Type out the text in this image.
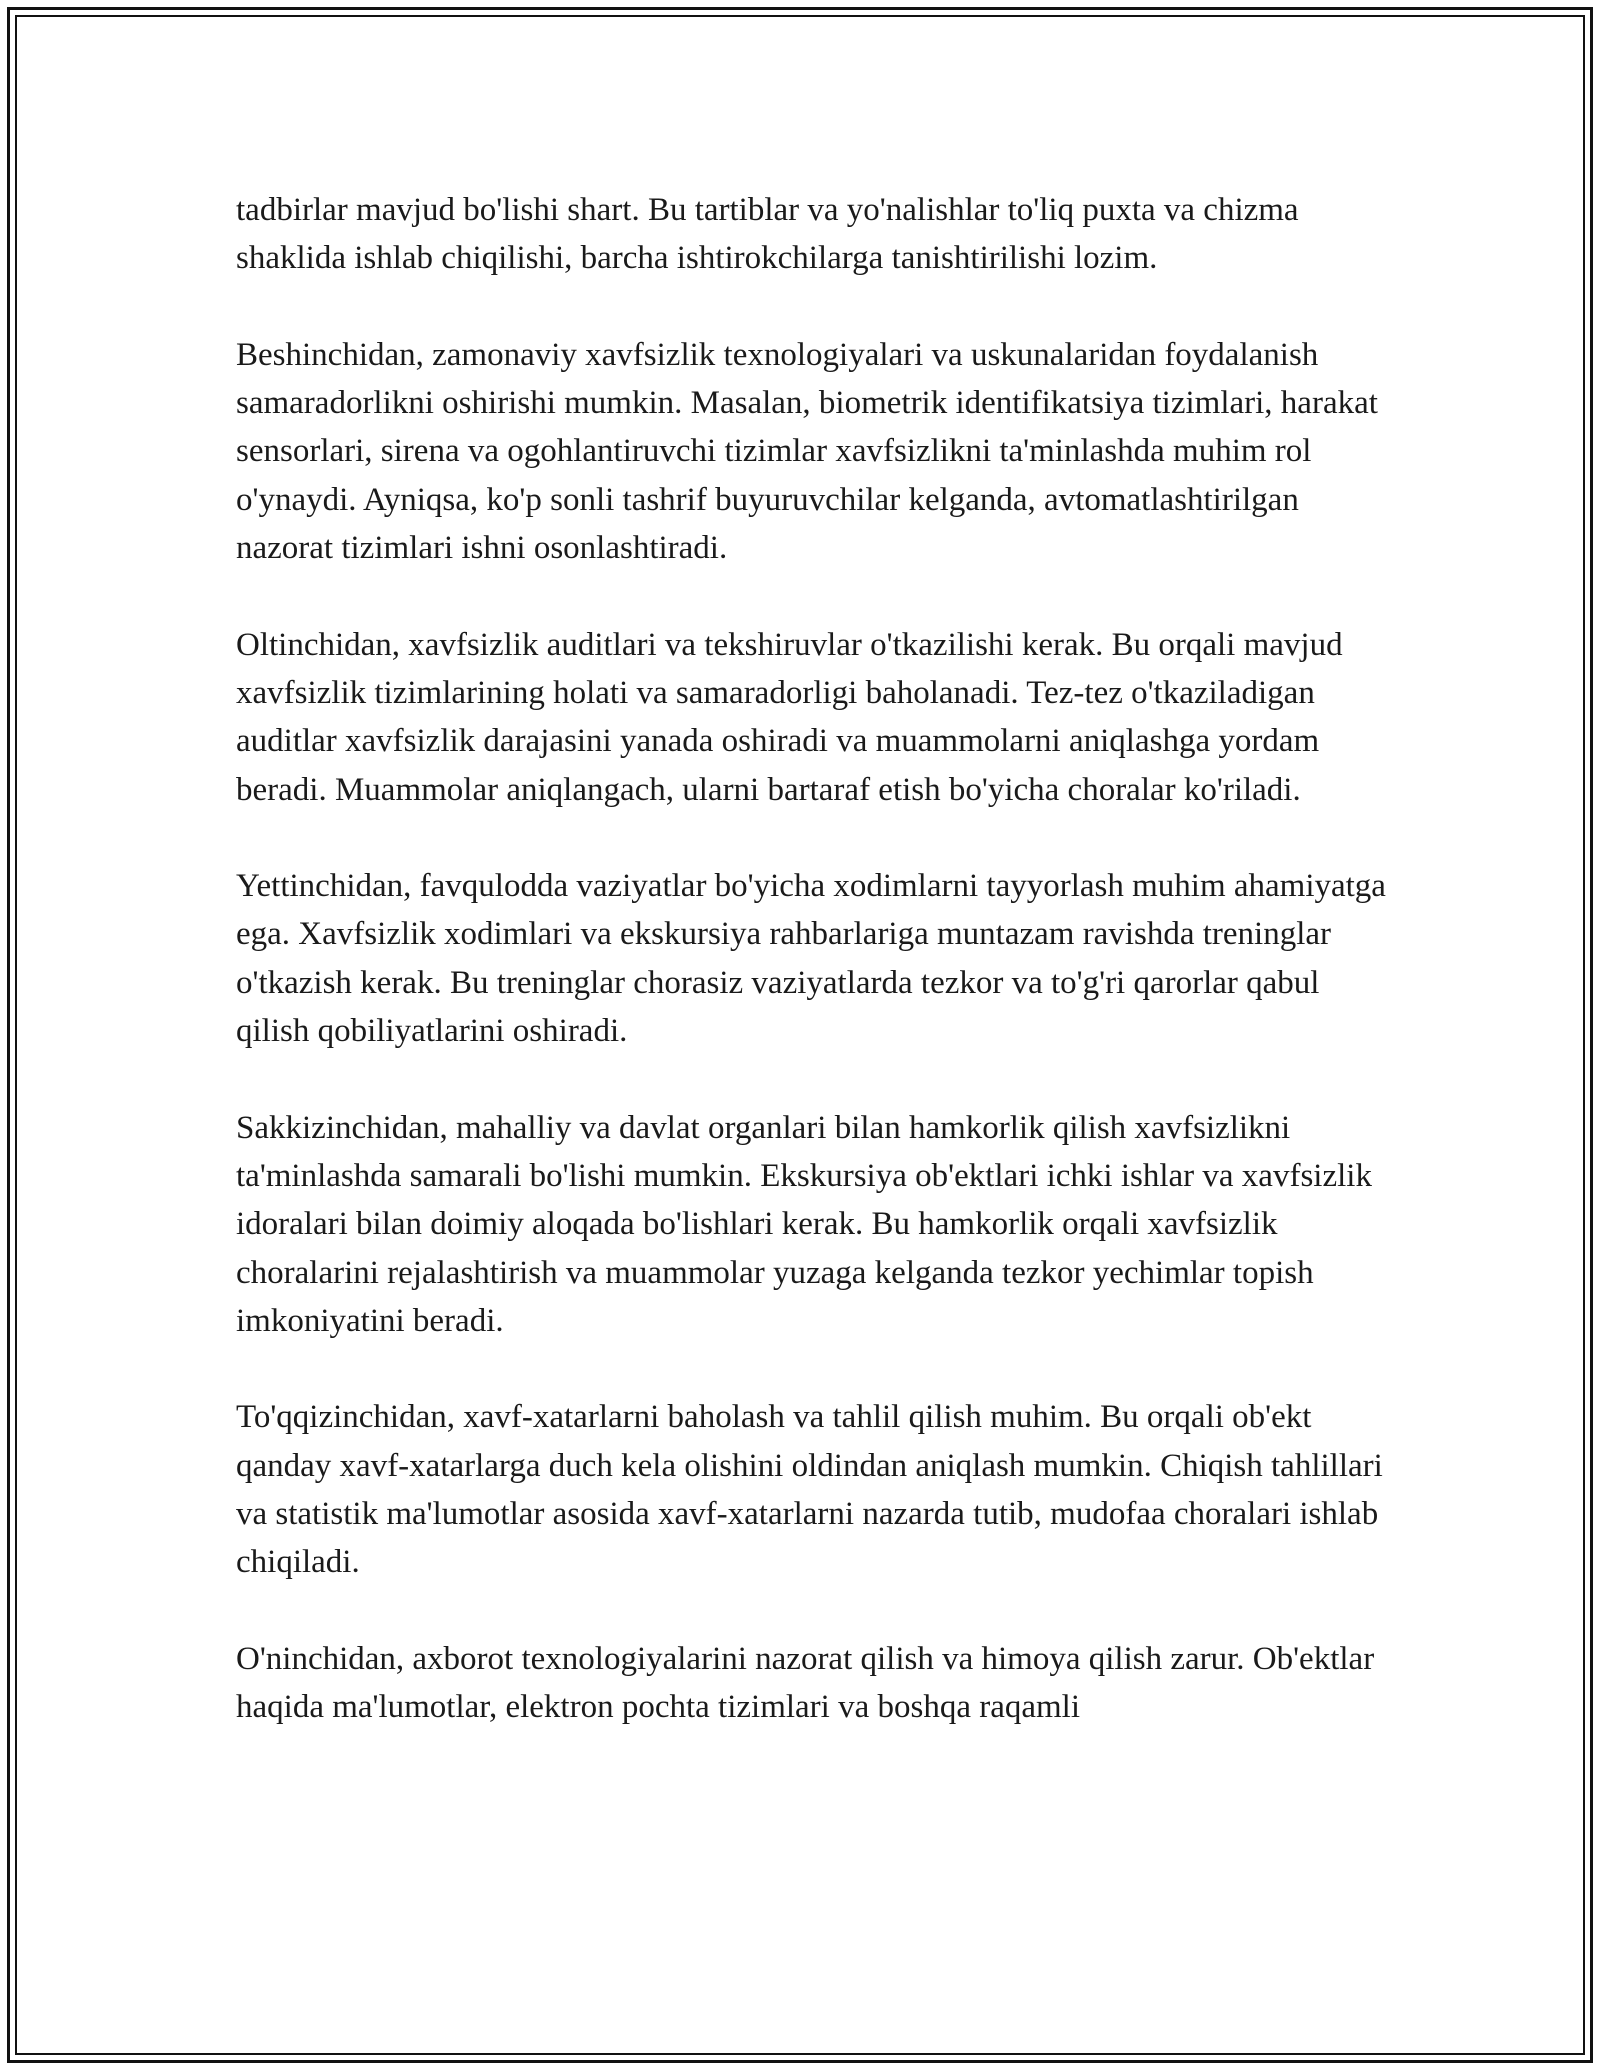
tadbirlar mavjud bo'lishi shart. Bu tartiblar va yo'nalishlar to'liq puxta va chizma shaklida ishlab chiqilishi, barcha ishtirokchilarga tanishtirilishi lozim.

Beshinchidan, zamonaviy xavfsizlik texnologiyalari va uskunalaridan foydalanish samaradorlikni oshirishi mumkin. Masalan, biometrik identifikatsiya tizimlari, harakat sensorlari, sirena va ogohlantiruvchi tizimlar xavfsizlikni ta'minlashda muhim rol o'ynaydi. Ayniqsa, ko'p sonli tashrif buyuruvchilar kelganda, avtomatlashtirilgan nazorat tizimlari ishni osonlashtiradi.

Oltinchidan, xavfsizlik auditlari va tekshiruvlar o'tkazilishi kerak. Bu orqali mavjud xavfsizlik tizimlarining holati va samaradorligi baholanadi. Tez-tez o'tkaziladigan auditlar xavfsizlik darajasini yanada oshiradi va muammolarni aniqlashga yordam beradi. Muammolar aniqlangach, ularni bartaraf etish bo'yicha choralar ko'riladi.

Yettinchidan, favqulodda vaziyatlar bo'yicha xodimlarni tayyorlash muhim ahamiyatga ega. Xavfsizlik xodimlari va ekskursiya rahbarlariga muntazam ravishda treninglar o'tkazish kerak. Bu treninglar chorasiz vaziyatlarda tezkor va to'g'ri qarorlar qabul qilish qobiliyatlarini oshiradi.

Sakkizinchidan, mahalliy va davlat organlari bilan hamkorlik qilish xavfsizlikni ta'minlashda samarali bo'lishi mumkin. Ekskursiya ob'ektlari ichki ishlar va xavfsizlik idoralari bilan doimiy aloqada bo'lishlari kerak. Bu hamkorlik orqali xavfsizlik choralarini rejalashtirish va muammolar yuzaga kelganda tezkor yechimlar topish imkoniyatini beradi.

To'qqizinchidan, xavf-xatarlarni baholash va tahlil qilish muhim. Bu orqali ob'ekt qanday xavf-xatarlarga duch kela olishini oldindan aniqlash mumkin. Chiqish tahlillari va statistik ma'lumotlar asosida xavf-xatarlarni nazarda tutib, mudofaa choralari ishlab chiqiladi.

O'ninchidan, axborot texnologiyalarini nazorat qilish va himoya qilish zarur. Ob'ektlar haqida ma'lumotlar, elektron pochta tizimlari va boshqa raqamli
